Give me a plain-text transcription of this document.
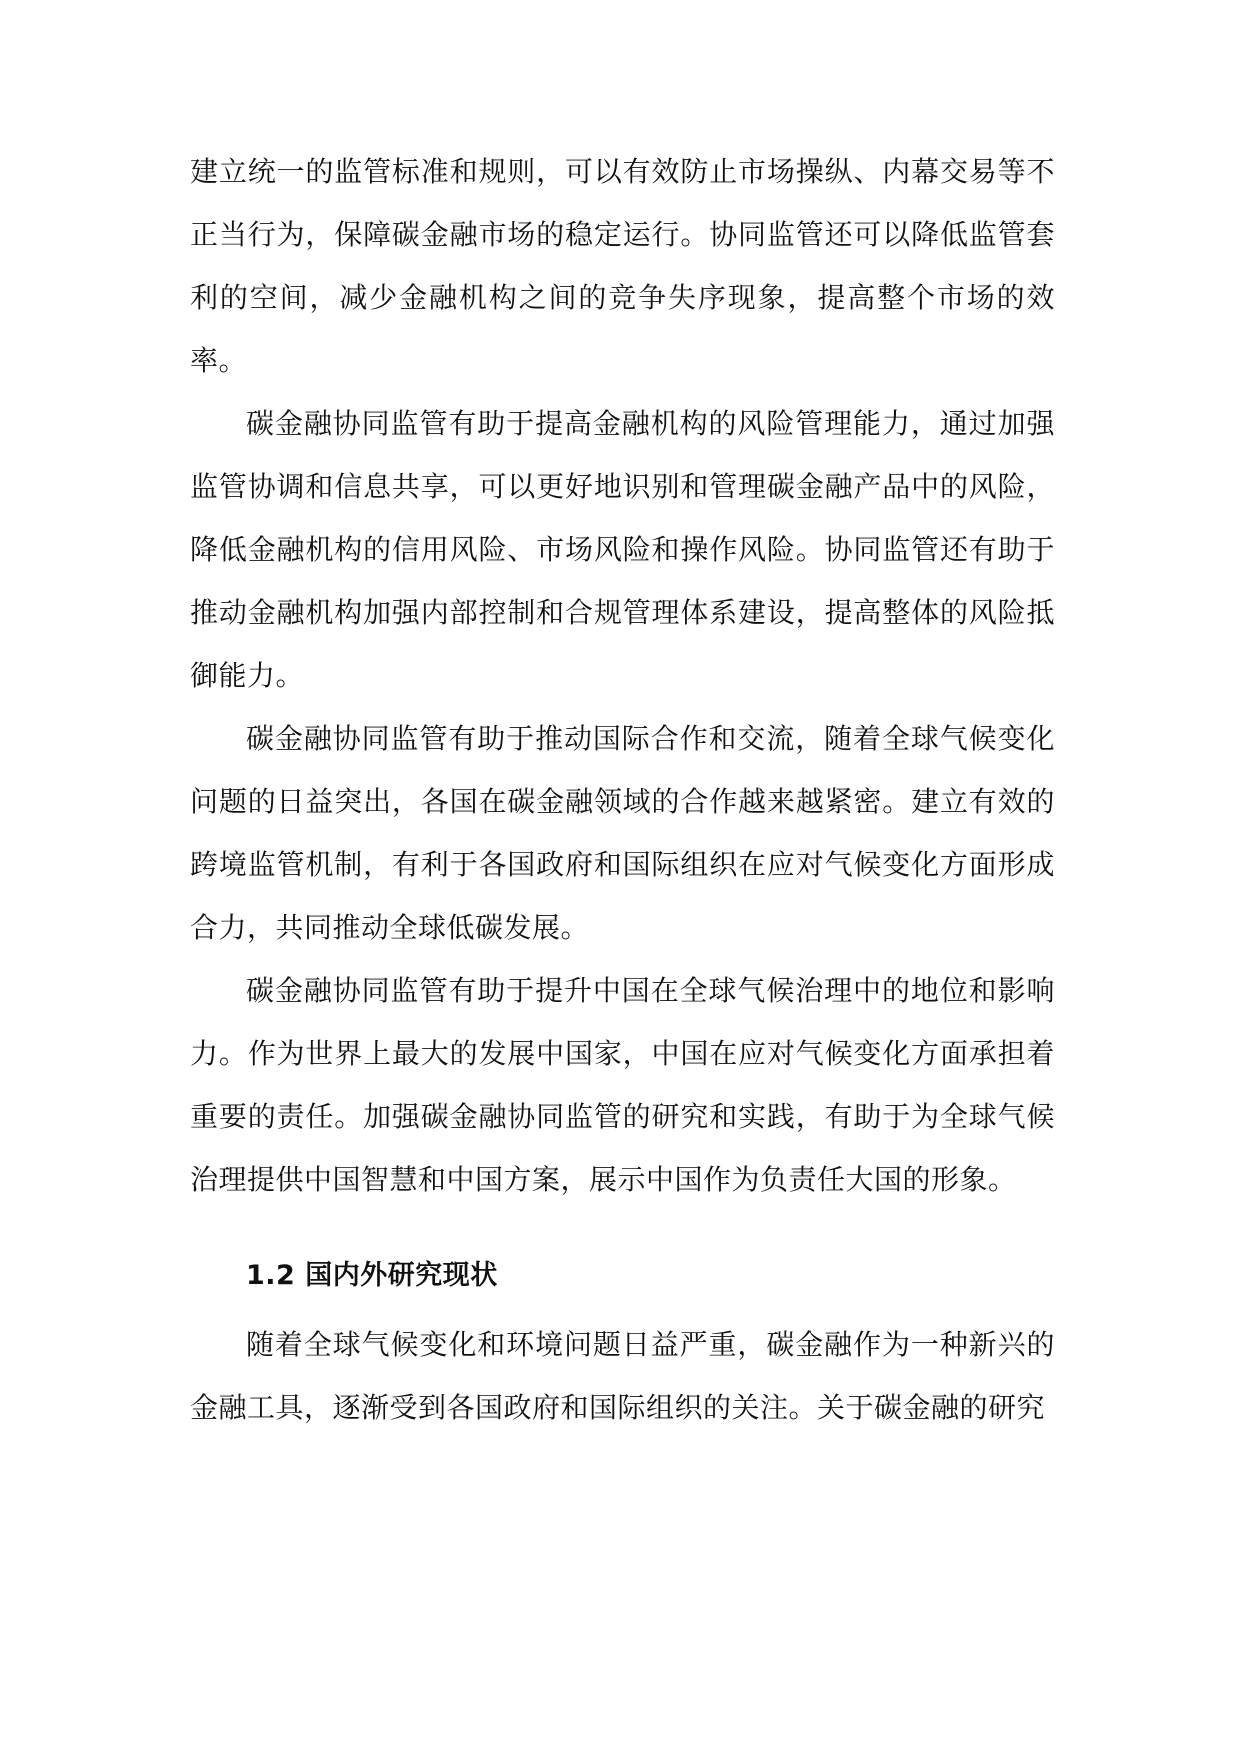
建立统一的监管标准和规则，可以有效防止市场操纵、内幕交易等不正当行为，保障碳金融市场的稳定运行。协同监管还可以降低监管套利的空间，减少金融机构之间的竞争失序现象，提高整个市场的效率。

碳金融协同监管有助于提高金融机构的风险管理能力，通过加强监管协调和信息共享，可以更好地识别和管理碳金融产品中的风险，降低金融机构的信用风险、市场风险和操作风险。协同监管还有助于推动金融机构加强内部控制和合规管理体系建设，提高整体的风险抵御能力。

碳金融协同监管有助于推动国际合作和交流，随着全球气候变化问题的日益突出，各国在碳金融领域的合作越来越紧密。建立有效的跨境监管机制，有利于各国政府和国际组织在应对气候变化方面形成合力，共同推动全球低碳发展。

碳金融协同监管有助于提升中国在全球气候治理中的地位和影响力。作为世界上最大的发展中国家，中国在应对气候变化方面承担着重要的责任。加强碳金融协同监管的研究和实践，有助于为全球气候治理提供中国智慧和中国方案，展示中国作为负责任大国的形象。

1.2 国内外研究现状

随着全球气候变化和环境问题日益严重，碳金融作为一种新兴的金融工具，逐渐受到各国政府和国际组织的关注。关于碳金融的研究
